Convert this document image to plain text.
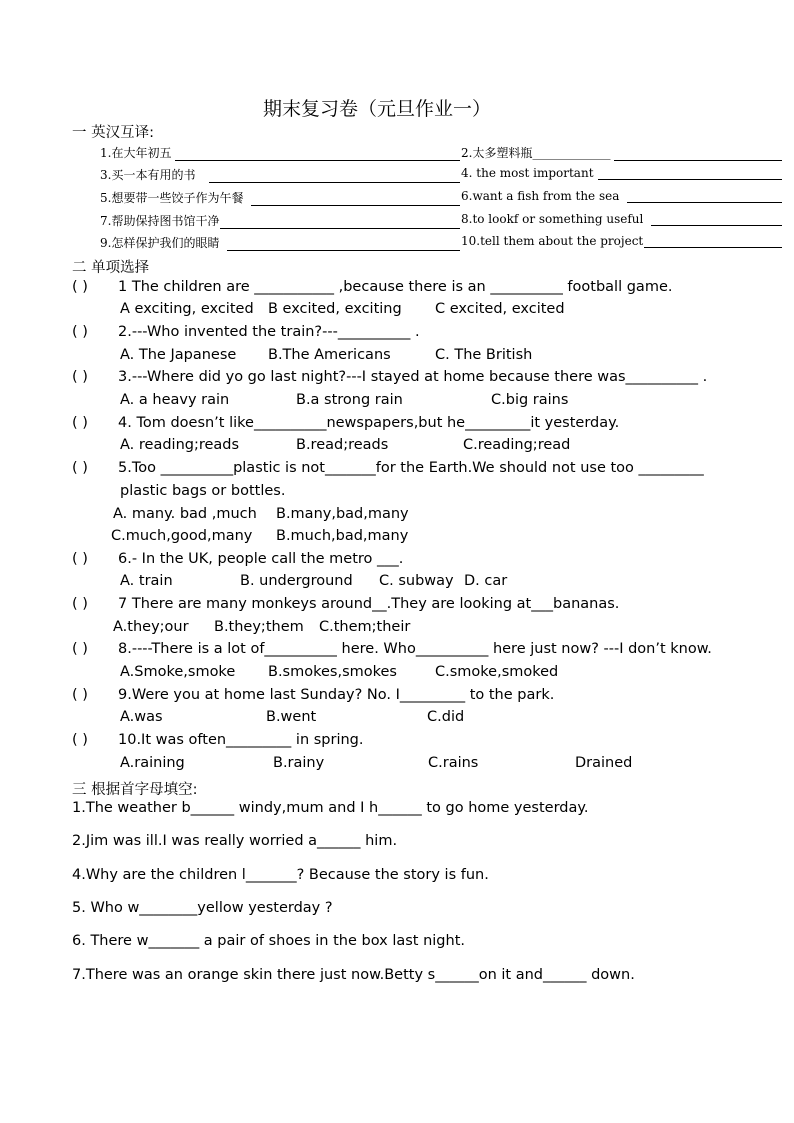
期末复习卷（元旦作业一）
一 英汉互译:
1.在大年初五	2.太多塑料瓶_____________
3.买一本有用的书	4. the most important
5.想要带一些饺子作为午餐	6.want a fish from the sea
7.帮助保持图书馆干净	8.to lookf or something useful
9.怎样保护我们的眼睛	10.tell them about the project
二 单项选择
( ) 1 The children are ___________ ,because there is an __________ football game.
A exciting, excited B excited, exciting C excited, excited
( ) 2.---Who invented the train?---__________ .
A. The Japanese B.The Americans	C. The British
( ) 3.---Where did yo go last night?---I stayed at home because there was__________ .
A. a heavy rain	B.a strong rain	C.big rains
( ) 4. Tom doesn’t like__________newspapers,but he_________it yesterday.
A. reading;reads	B.read;reads	C.reading;read
( ) 5.Too __________plastic is not_______for the Earth.We should not use too _________
plastic bags or bottles.
A. many. bad ,much B.many,bad,many
C.much,good,many B.much,bad,many
( ) 6.- In the UK, people call the metro ___.
A. train	B. underground C. subway D. car
( ) 7 There are many monkeys around__.They are looking at___bananas.
A.they;our B.they;them C.them;their
( ) 8.----There is a lot of__________ here. Who__________ here just now? ---I don’t know.
A.Smoke,smoke B.smokes,smokes	C.smoke,smoked
( ) 9.Were you at home last Sunday? No. I_________ to the park.
A.was	B.went	C.did
( ) 10.It was often_________ in spring.
A.raining	B.rainy	C.rains	Drained
三 根据首字母填空:
1.The weather b______ windy,mum and I h______ to go home yesterday.
2.Jim was ill.I was really worried a______ him.
4.Why are the children l_______? Because the story is fun.
5. Who w________yellow yesterday ?
6. There w_______ a pair of shoes in the box last night.
7.There was an orange skin there just now.Betty s______on it and______ down.
